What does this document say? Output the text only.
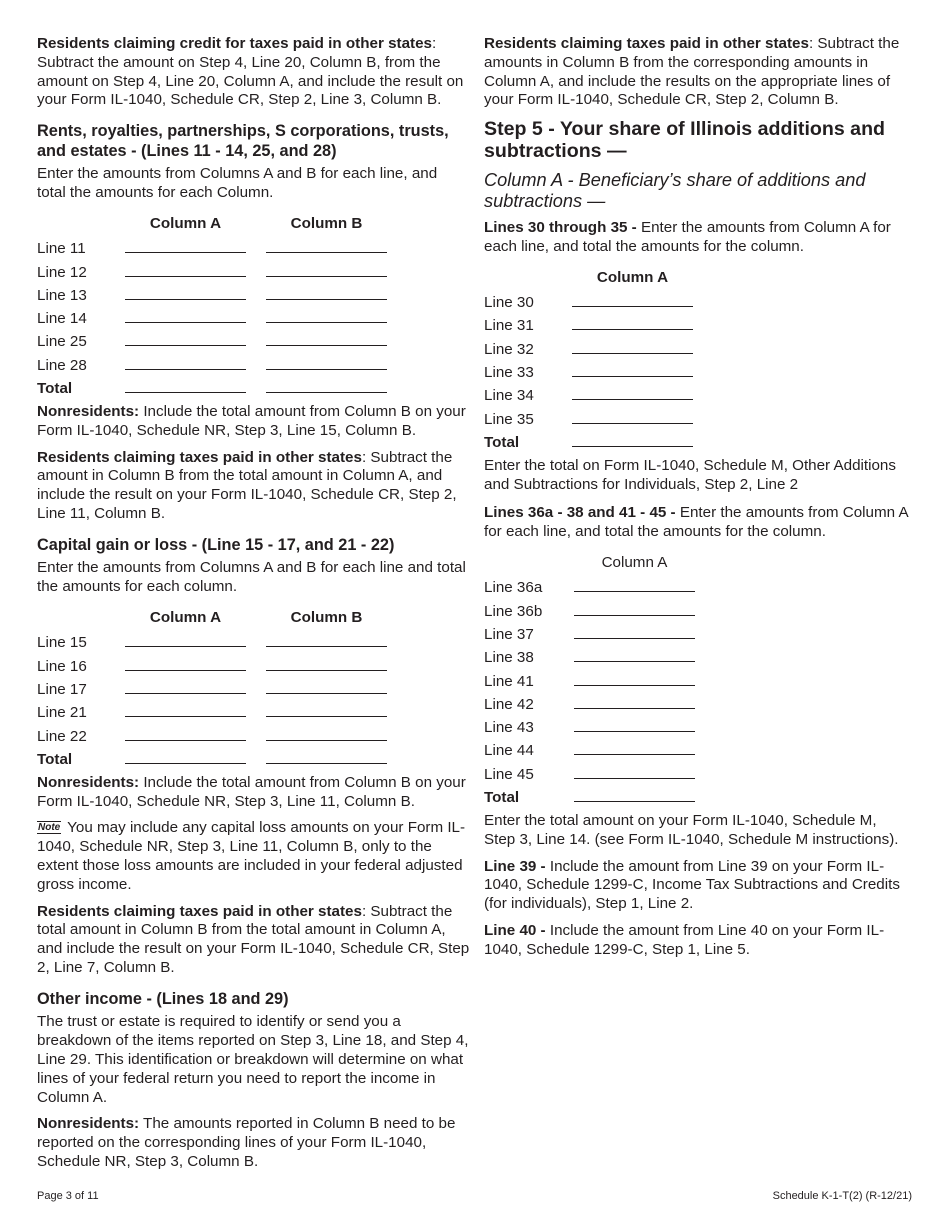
Residents claiming credit for taxes paid in other states: Subtract the amount on Step 4, Line 20, Column B, from the amount on Step 4, Line 20, Column A, and include the result on your Form IL-1040, Schedule CR, Step 2, Line 3, Column B.

Rents, royalties, partnerships, S corporations, trusts, and estates - (Lines 11 - 14, 25, and 28)

Enter the amounts from Columns A and B for each line, and total the amounts for each Column.

	Column A	Column B
Line 11	

Line 12	

Line 13	

Line 14	

Line 25	

Line 28	

Total	

Nonresidents: Include the total amount from Column B on your Form IL-1040, Schedule NR, Step 3, Line 15, Column B.

Residents claiming taxes paid in other states: Subtract the amount in Column B from the total amount in Column A, and include the result on your Form IL-1040, Schedule CR, Step 2, Line 11, Column B.

Capital gain or loss - (Line 15 - 17, and 21 - 22)

Enter the amounts from Columns A and B for each line and total the amounts for each column.

	Column A	Column B
Line 15	

Line 16	

Line 17	

Line 21	

Line 22	

Total	

Nonresidents: Include the total amount from Column B on your Form IL-1040, Schedule NR, Step 3, Line 11, Column B.

Note You may include any capital loss amounts on your Form IL-1040, Schedule NR, Step 3, Line 11, Column B, only to the extent those loss amounts are included in your federal adjusted gross income.

Residents claiming taxes paid in other states: Subtract the total amount in Column B from the total amount in Column A, and include the result on your Form IL-1040, Schedule CR, Step 2, Line 7, Column B.

Other income - (Lines 18 and 29)

The trust or estate is required to identify or send you a breakdown of the items reported on Step 3, Line 18, and Step 4, Line 29. This identification or breakdown will determine on what lines of your federal return you need to report the income in Column A.

Nonresidents: The amounts reported in Column B need to be reported on the corresponding lines of your Form IL-1040, Schedule NR, Step 3, Column B.

Residents claiming taxes paid in other states: Subtract the amounts in Column B from the corresponding amounts in Column A, and include the results on the appropriate lines of your Form IL-1040, Schedule CR, Step 2, Column B.

Step 5 - Your share of Illinois additions and subtractions —
Column A - Beneficiary’s share of additions and subtractions —

Lines 30 through 35 - Enter the amounts from Column A for each line, and total the amounts for the column.

	Column A
Line 30	

Line 31	

Line 32	

Line 33	

Line 34	

Line 35	

Total	

Enter the total on Form IL-1040, Schedule M, Other Additions and Subtractions for Individuals, Step 2, Line 2

Lines 36a - 38 and 41 - 45 - Enter the amounts from Column A for each line, and total the amounts for the column.

	Column A
Line 36a	

Line 36b	

Line 37	

Line 38	

Line 41	

Line 42	

Line 43	

Line 44	

Line 45	

Total	

Enter the total amount on your Form IL-1040, Schedule M, Step 3, Line 14. (see Form IL-1040, Schedule M instructions).

Line 39 - Include the amount from Line 39 on your Form IL-1040, Schedule 1299-C, Income Tax Subtractions and Credits (for individuals), Step 1, Line 2.

Line 40 - Include the amount from Line 40 on your Form IL-1040, Schedule 1299-C, Step 1, Line 5.

Page 3 of 11	Schedule K-1-T(2) (R-12/21)
